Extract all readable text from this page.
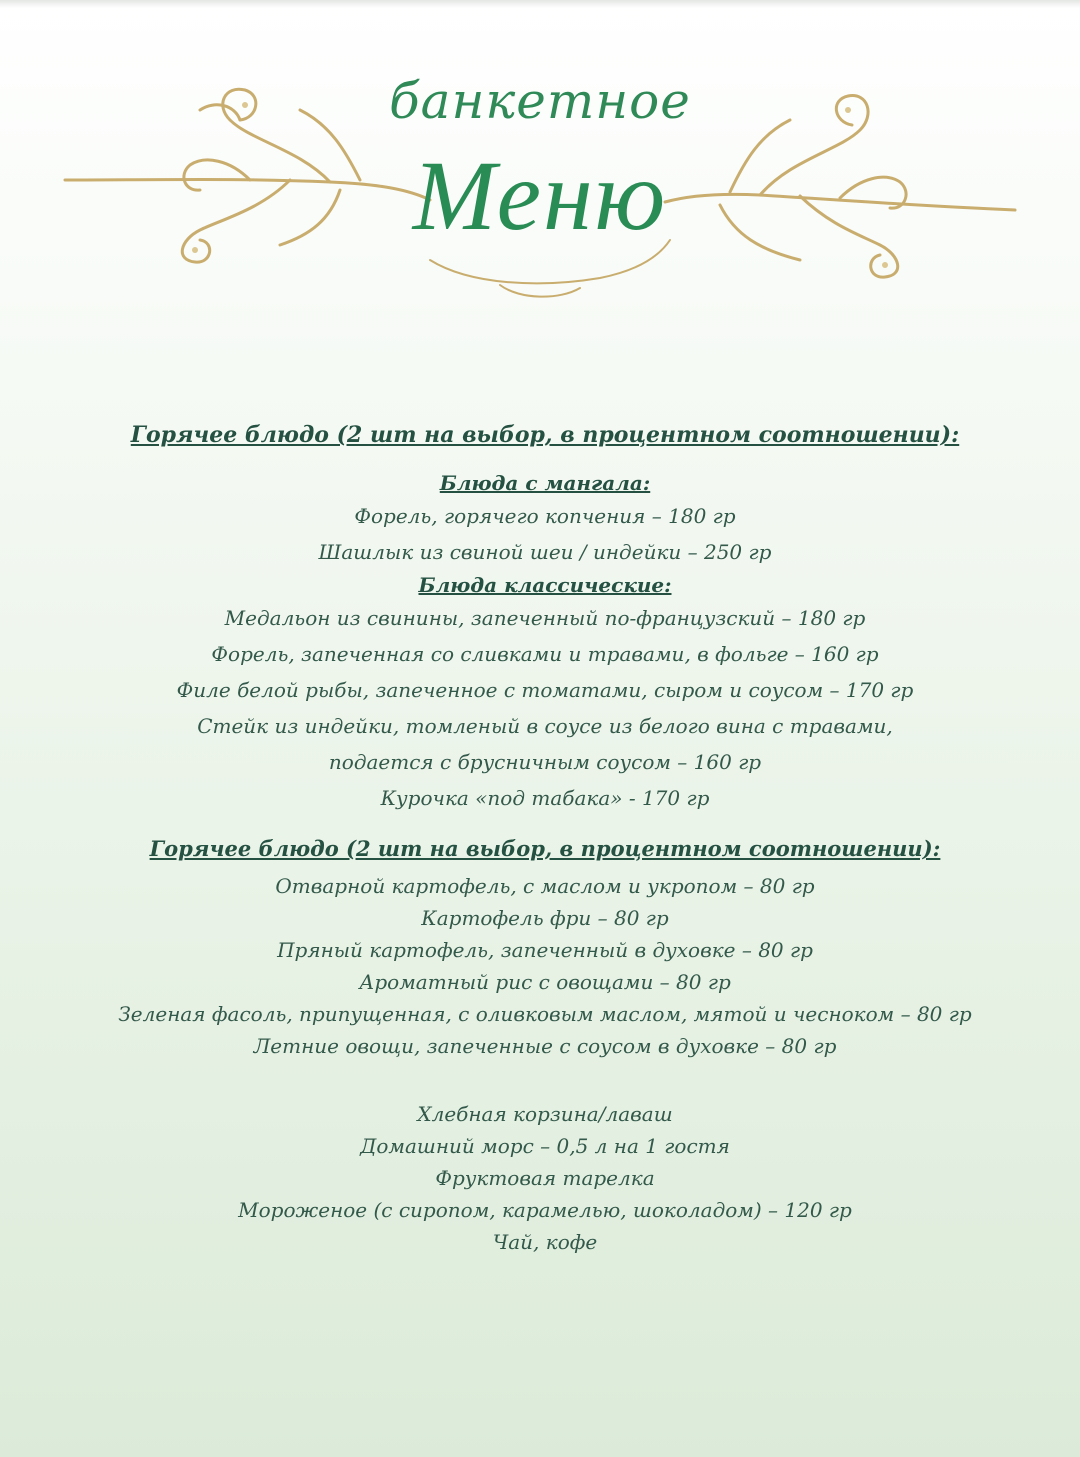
банкетное
Меню

Горячее блюдо (2 шт на выбор, в процентном соотношении):

Блюда с мангала:

Форель, горячего копчения – 180 гр

Шашлык из свиной шеи / индейки – 250 гр

Блюда классические:

Медальон из свинины, запеченный по-французский – 180 гр

Форель, запеченная со сливками и травами, в фольге – 160 гр

Филе белой рыбы, запеченное с томатами, сыром и соусом – 170 гр

Стейк из индейки, томленый в соусе из белого вина с травами,

подается с брусничным соусом – 160 гр

Курочка «под табака» - 170 гр

Горячее блюдо (2 шт на выбор, в процентном соотношении):

Отварной картофель, с маслом и укропом – 80 гр

Картофель фри – 80 гр

Пряный картофель, запеченный в духовке – 80 гр

Ароматный рис с овощами – 80 гр

Зеленая фасоль, припущенная, с оливковым маслом, мятой и чесноком – 80 гр

Летние овощи, запеченные с соусом в духовке – 80 гр

Хлебная корзина/лаваш

Домашний морс – 0,5 л на 1 гостя

Фруктовая тарелка

Мороженое (с сиропом, карамелью, шоколадом) – 120 гр

Чай, кофе
